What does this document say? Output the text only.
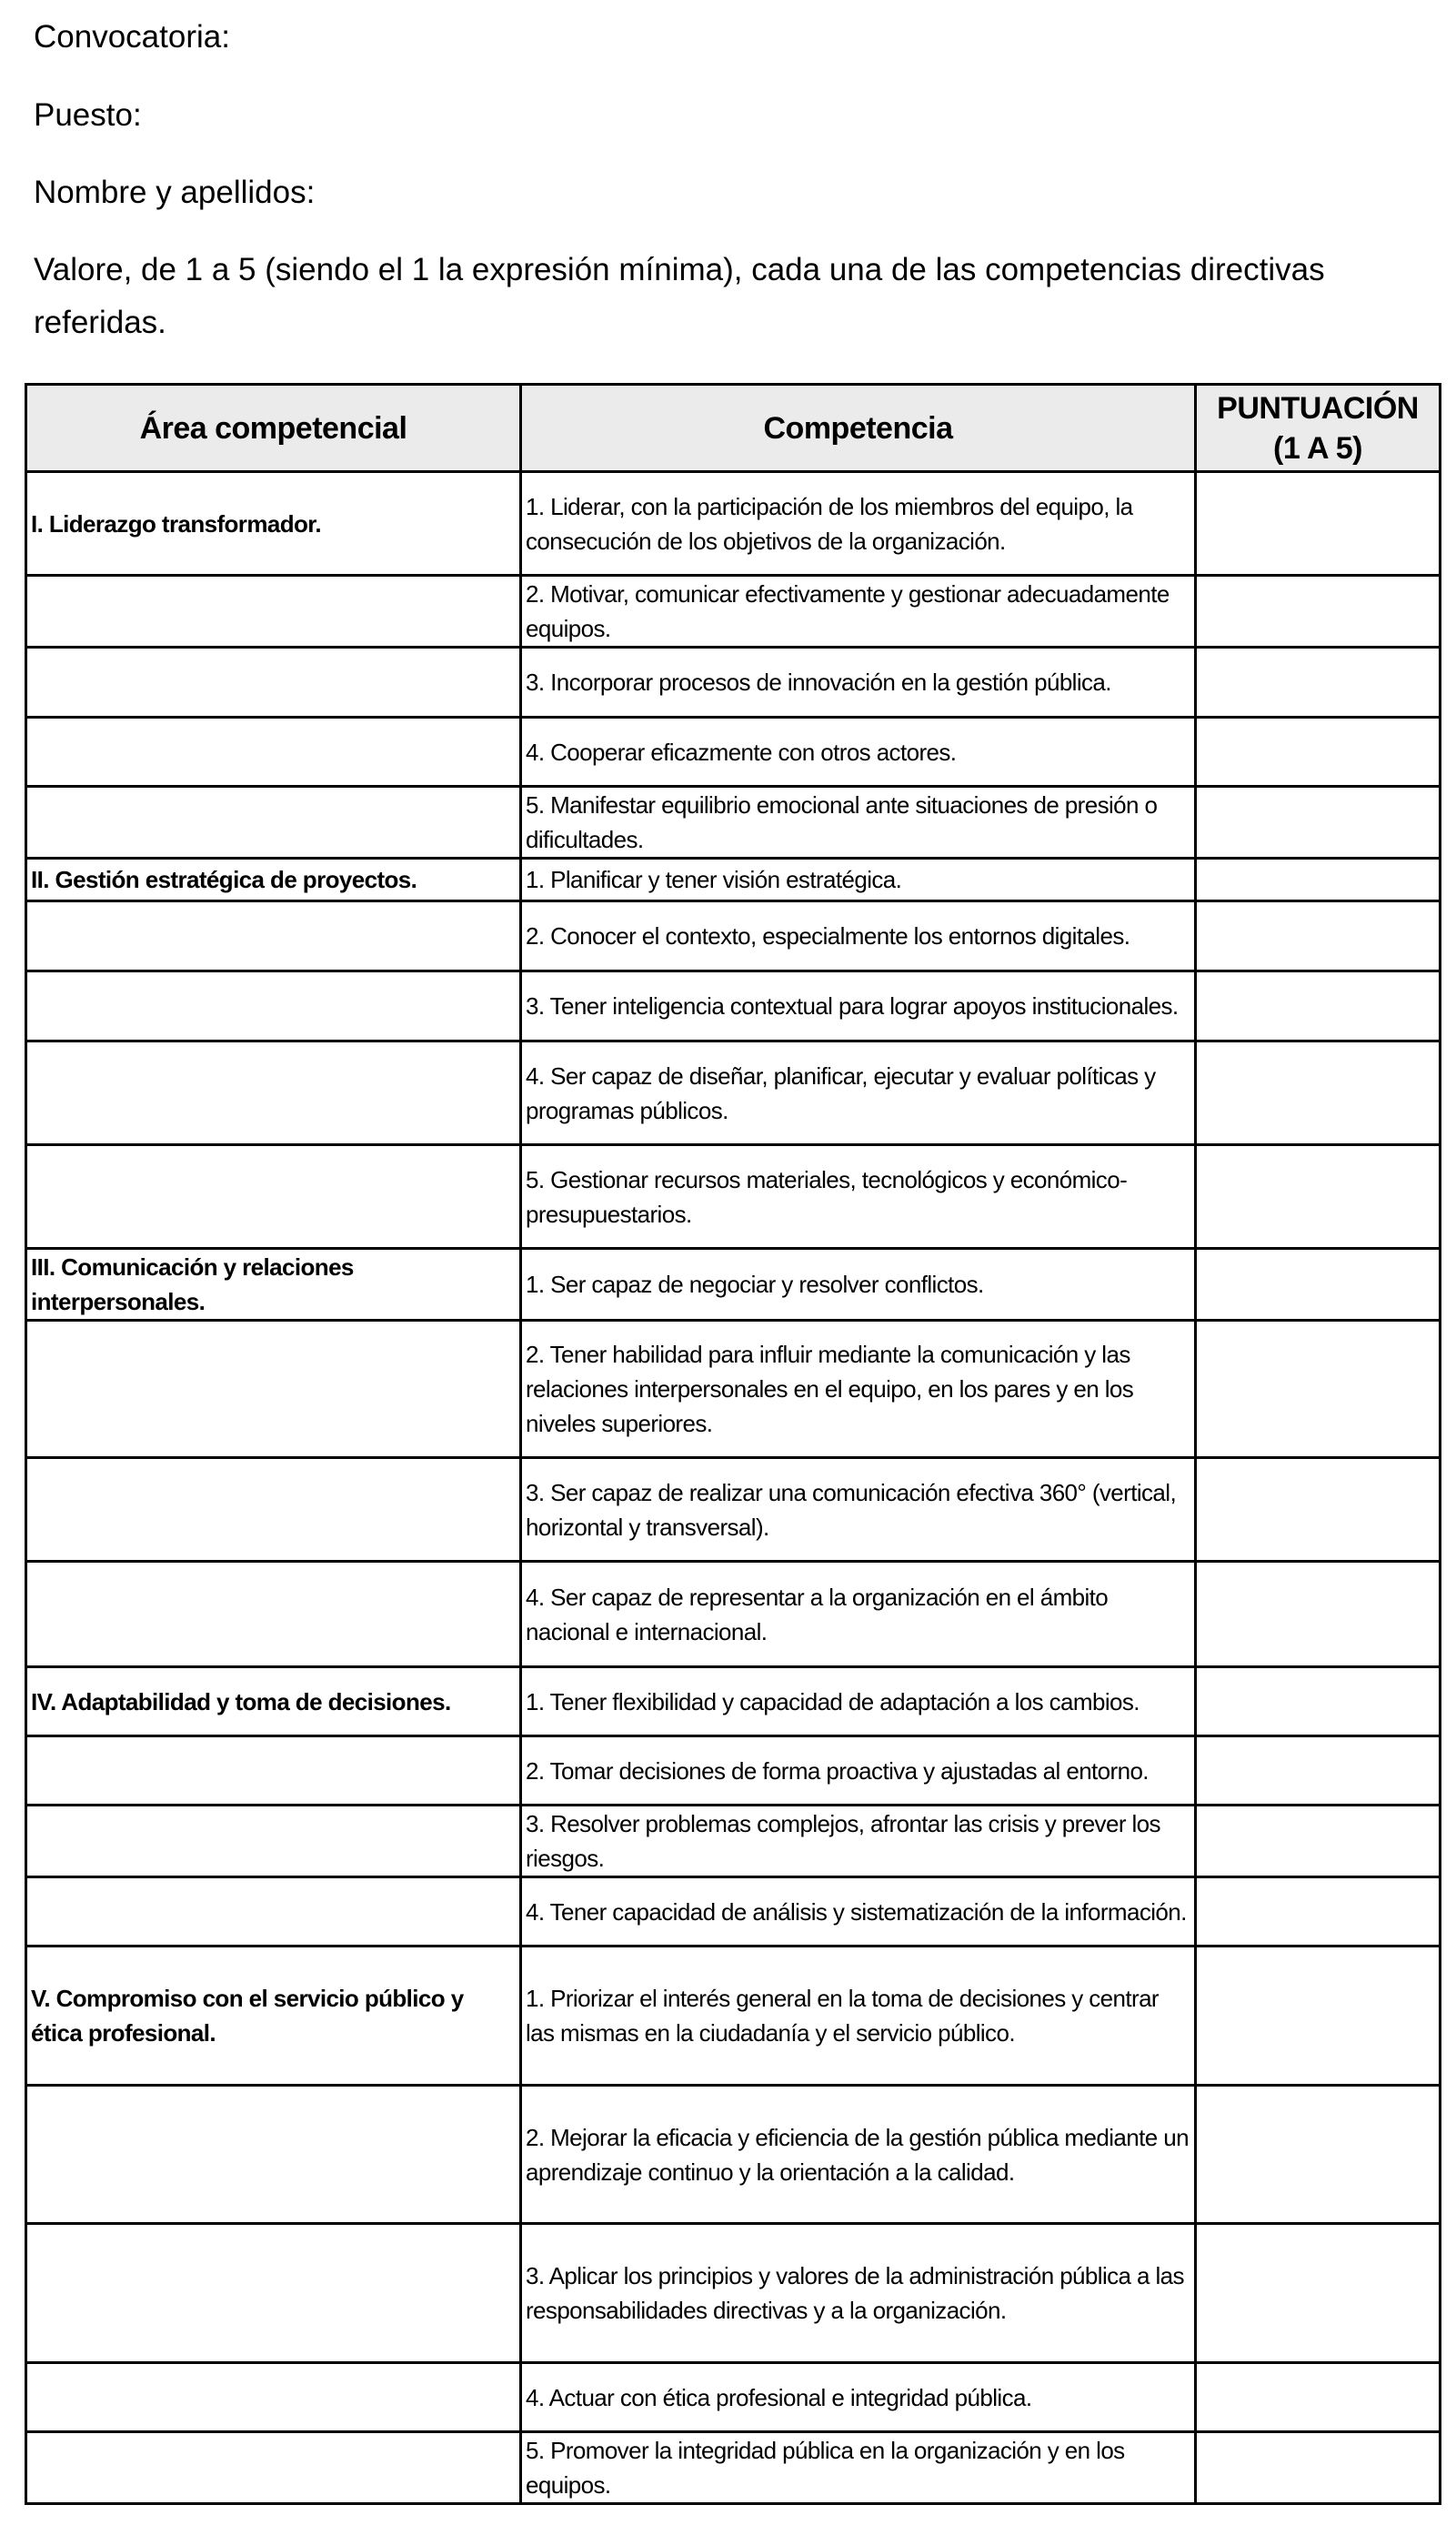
Convocatoria:
Puesto:
Nombre y apellidos:
Valore, de 1 a 5 (siendo el 1 la expresión mínima), cada una de las competencias directivas referidas.
Área competencial	Competencia	PUNTUACIÓN
(1 A 5)

I. Liderazgo transformador.	1. Liderar, con la participación de los miembros del equipo, la consecución de los objetivos de la organización.	
	2. Motivar, comunicar efectivamente y gestionar adecuadamente equipos.	
	3. Incorporar procesos de innovación en la gestión pública.	
	4. Cooperar eficazmente con otros actores.	
	5. Manifestar equilibrio emocional ante situaciones de presión o dificultades.	
II. Gestión estratégica de proyectos.	1. Planificar y tener visión estratégica.	
	2. Conocer el contexto, especialmente los entornos digitales.	
	3. Tener inteligencia contextual para lograr apoyos institucionales.	
	4. Ser capaz de diseñar, planificar, ejecutar y evaluar políticas y programas públicos.	
	5. Gestionar recursos materiales, tecnológicos y económico-presupuestarios.	
III. Comunicación y relaciones interpersonales.	1. Ser capaz de negociar y resolver conflictos.	
	2. Tener habilidad para influir mediante la comunicación y las relaciones interpersonales en el equipo, en los pares y en los niveles superiores.	
	3. Ser capaz de realizar una comunicación efectiva 360° (vertical, horizontal y transversal).	
	4. Ser capaz de representar a la organización en el ámbito nacional e internacional.	
IV. Adaptabilidad y toma de decisiones.	1. Tener flexibilidad y capacidad de adaptación a los cambios.	
	2. Tomar decisiones de forma proactiva y ajustadas al entorno.	
	3. Resolver problemas complejos, afrontar las crisis y prever los riesgos.	
	4. Tener capacidad de análisis y sistematización de la información.	
V. Compromiso con el servicio público y ética profesional.	1. Priorizar el interés general en la toma de decisiones y centrar las mismas en la ciudadanía y el servicio público.	
	2. Mejorar la eficacia y eficiencia de la gestión pública mediante un aprendizaje continuo y la orientación a la calidad.	
	3. Aplicar los principios y valores de la administración pública a las responsabilidades directivas y a la organización.	
	4. Actuar con ética profesional e integridad pública.	
	5. Promover la integridad pública en la organización y en los equipos.	
